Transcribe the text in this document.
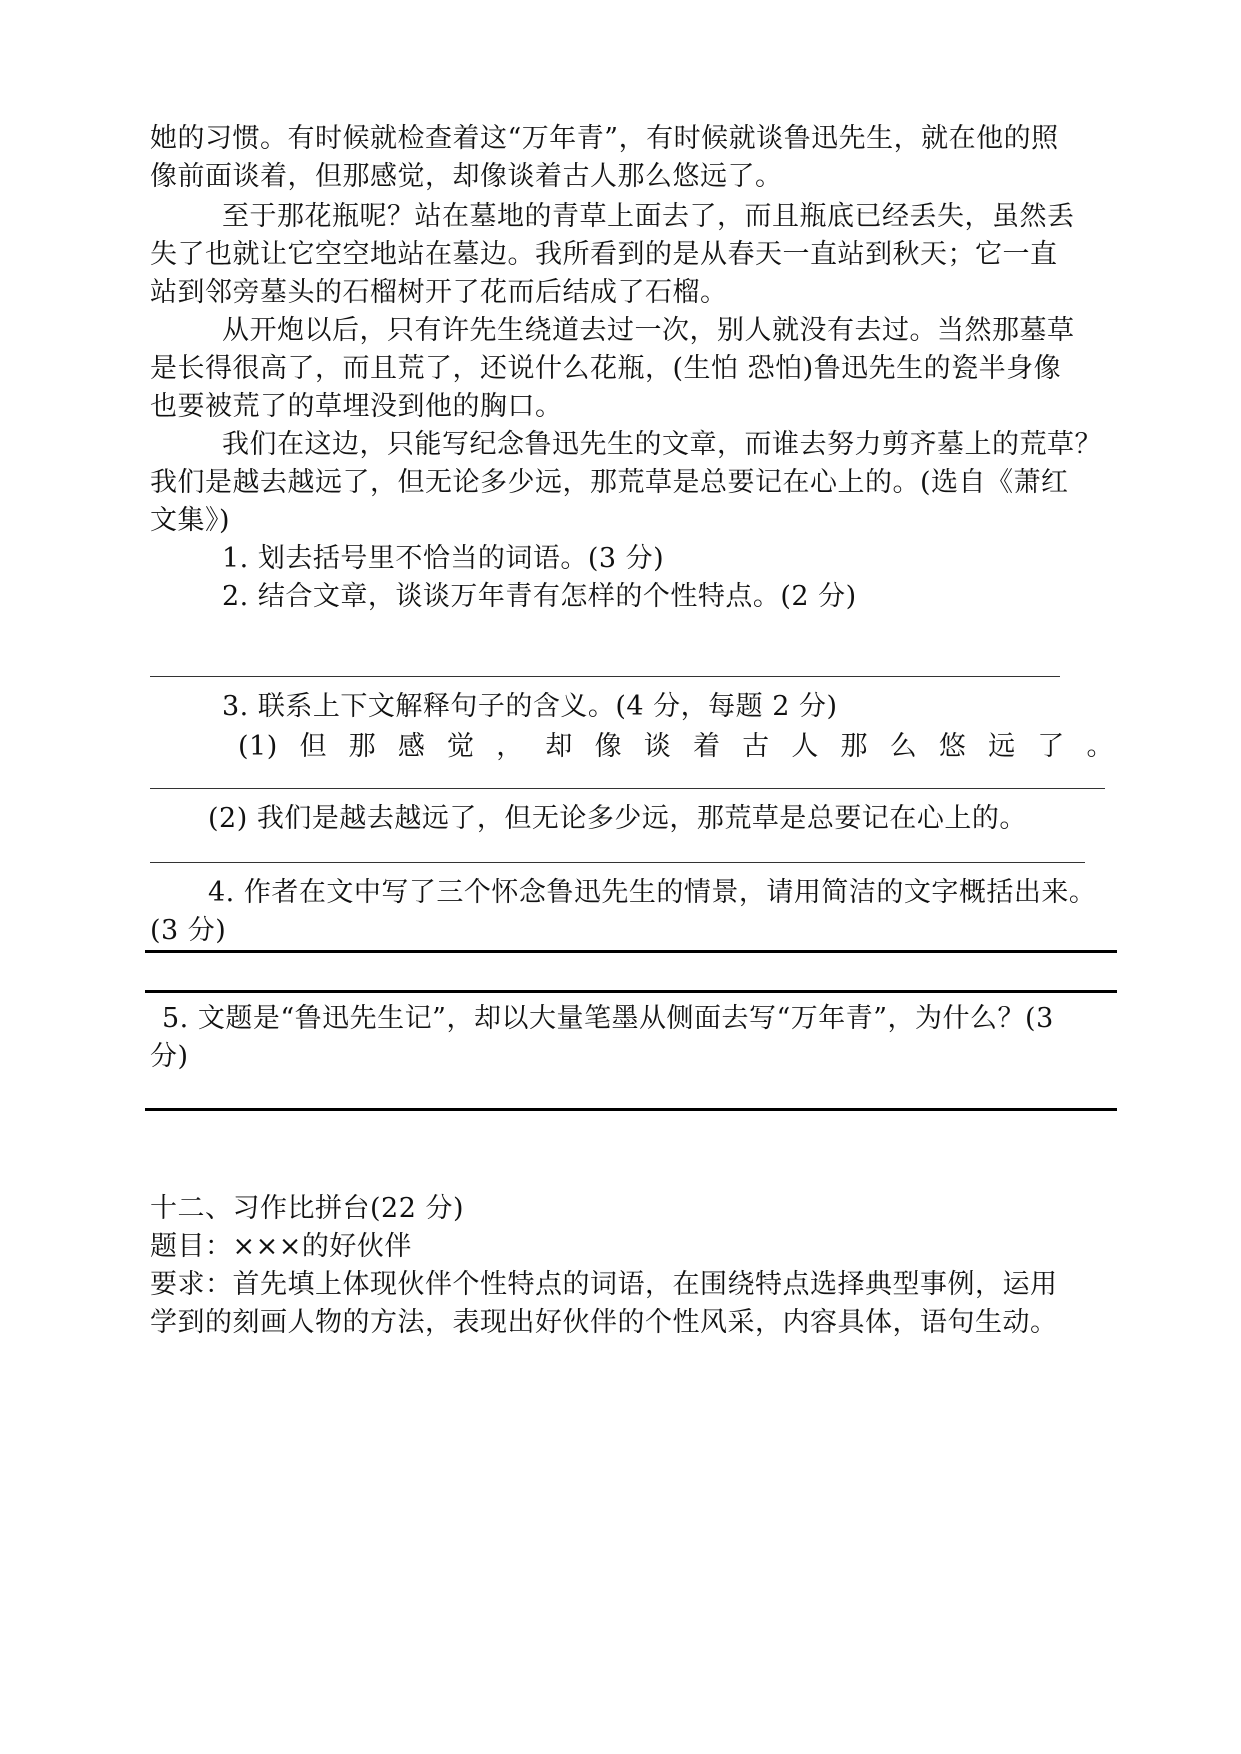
她的习惯。有时候就检查着这“万年青”，有时候就谈鲁迅先生，就在他的照
像前面谈着，但那感觉，却像谈着古人那么悠远了。
至于那花瓶呢？站在墓地的青草上面去了，而且瓶底已经丢失，虽然丢
失了也就让它空空地站在墓边。我所看到的是从春天一直站到秋天；它一直
站到邻旁墓头的石榴树开了花而后结成了石榴。
从开炮以后，只有许先生绕道去过一次，别人就没有去过。当然那墓草
是长得很高了，而且荒了，还说什么花瓶，(生怕 恐怕)鲁迅先生的瓷半身像
也要被荒了的草埋没到他的胸口。
我们在这边，只能写纪念鲁迅先生的文章，而谁去努力剪齐墓上的荒草？
我们是越去越远了，但无论多少远，那荒草是总要记在心上的。(选自《萧红
文集》)
1. 划去括号里不恰当的词语。(3 分)
2. 结合文章，谈谈万年青有怎样的个性特点。(2 分)
3. 联系上下文解释句子的含义。(4 分，每题 2 分)
(1) 但 那 感 觉 ， 却 像 谈 着 古 人 那 么 悠 远 了 。
(2) 我们是越去越远了，但无论多少远，那荒草是总要记在心上的。
4. 作者在文中写了三个怀念鲁迅先生的情景，请用简洁的文字概括出来。
(3 分)
5. 文题是“鲁迅先生记”，却以大量笔墨从侧面去写“万年青”，为什么？(3
分)
十二、习作比拼台(22 分)
题目：×××的好伙伴
要求：首先填上体现伙伴个性特点的词语，在围绕特点选择典型事例，运用
学到的刻画人物的方法，表现出好伙伴的个性风采，内容具体，语句生动。
